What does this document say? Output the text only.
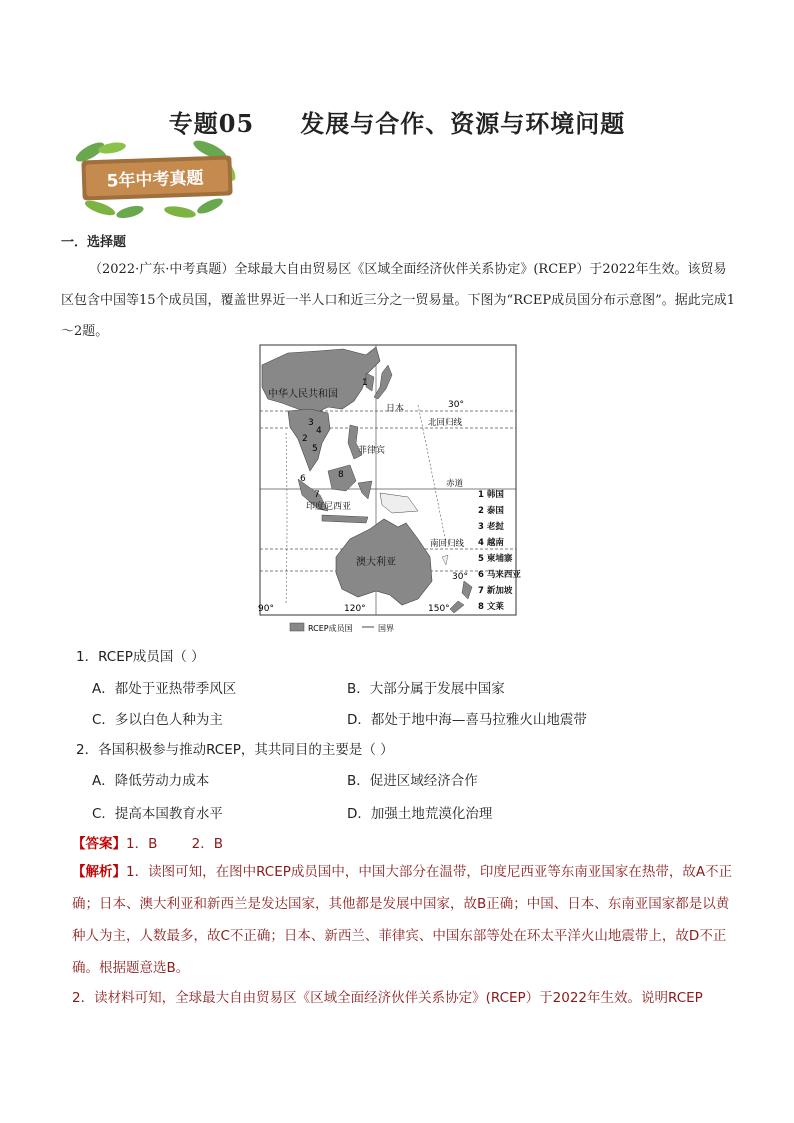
专题05 发展与合作、资源与环境问题
5年中考真题
一．选择题
（2022·广东·中考真题）全球最大自由贸易区《区域全面经济伙伴关系协定》(RCEP）于2022年生效。该贸易区包含中国等15个成员国，覆盖世界近一半人口和近三分之一贸易量。下图为“RCEP成员国分布示意图”。据此完成1～2题。
中华人民共和国
日本
菲律宾
印度尼西亚
澳大利亚
30°
北回归线
赤道
南回归线
30°
90°	120°	150°
1
2
3
4
5
6
7
8
1 韩国
2 泰国
3 老挝
4 越南
5 柬埔寨
6 马来西亚
7 新加坡
8 文莱
RCEP成员国	国界
1．RCEP成员国（ ）
A．都处于亚热带季风区	B．大部分属于发展中国家
C．多以白色人种为主	D．都处于地中海—喜马拉雅火山地震带
2．各国积极参与推动RCEP，其共同目的主要是（ ）
A．降低劳动力成本	B．促进区域经济合作
C．提高本国教育水平	D．加强土地荒漠化治理
【答案】1．B        2．B
【解析】1．读图可知，在图中RCEP成员国中，中国大部分在温带，印度尼西亚等东南亚国家在热带，故A不正确；日本、澳大利亚和新西兰是发达国家，其他都是发展中国家，故B正确；中国、日本、东南亚国家都是以黄种人为主，人数最多，故C不正确；日本、新西兰、菲律宾、中国东部等处在环太平洋火山地震带上，故D不正确。根据题意选B。
2．读材料可知，全球最大自由贸易区《区域全面经济伙伴关系协定》(RCEP）于2022年生效。说明RCEP
